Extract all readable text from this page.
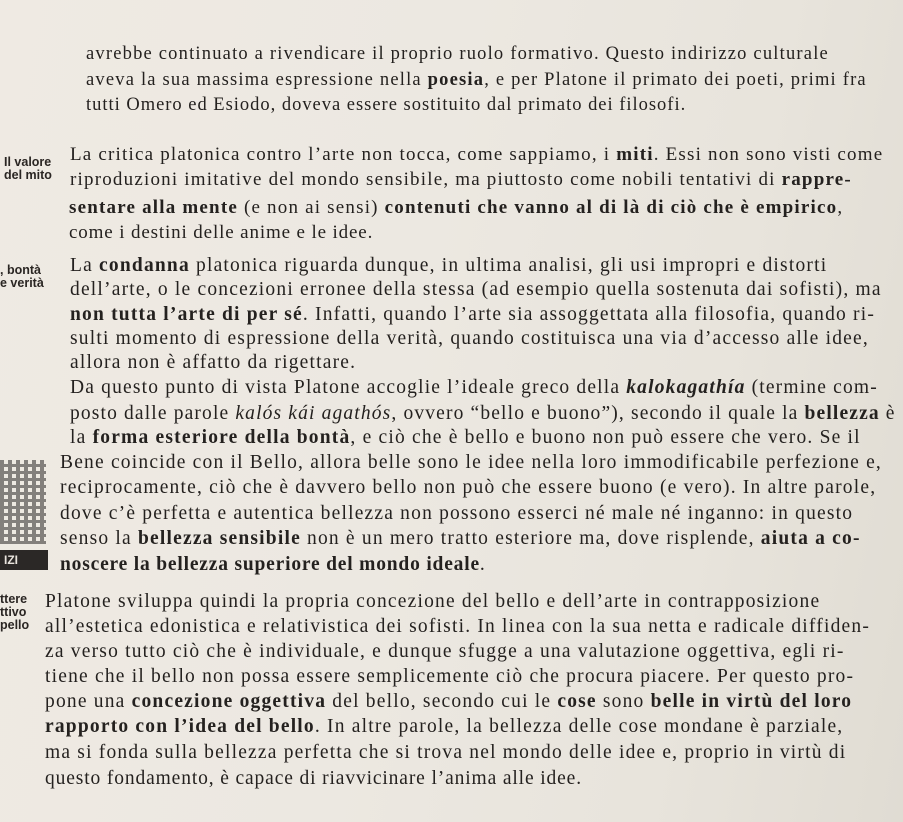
Il valore
del mito
, bontà
e verità
IZI
ttere
ttivo
pello
avrebbe continuato a rivendicare il proprio ruolo formativo. Questo indirizzo culturale
aveva la sua massima espressione nella poesia, e per Platone il primato dei poeti, primi fra
tutti Omero ed Esiodo, doveva essere sostituito dal primato dei filosofi.
La critica platonica contro l’arte non tocca, come sappiamo, i miti. Essi non sono visti come
riproduzioni imitative del mondo sensibile, ma piuttosto come nobili tentativi di rappre-
sentare alla mente (e non ai sensi) contenuti che vanno al di là di ciò che è empirico,
come i destini delle anime e le idee.
La condanna platonica riguarda dunque, in ultima analisi, gli usi impropri e distorti
dell’arte, o le concezioni erronee della stessa (ad esempio quella sostenuta dai sofisti), ma
non tutta l’arte di per sé. Infatti, quando l’arte sia assoggettata alla filosofia, quando ri-
sulti momento di espressione della verità, quando costituisca una via d’accesso alle idee,
allora non è affatto da rigettare.
Da questo punto di vista Platone accoglie l’ideale greco della kalokagathía (termine com-
posto dalle parole kalós kái agathós, ovvero “bello e buono”), secondo il quale la bellezza è
la forma esteriore della bontà, e ciò che è bello e buono non può essere che vero. Se il
Bene coincide con il Bello, allora belle sono le idee nella loro immodificabile perfezione e,
reciprocamente, ciò che è davvero bello non può che essere buono (e vero). In altre parole,
dove c’è perfetta e autentica bellezza non possono esserci né male né inganno: in questo
senso la bellezza sensibile non è un mero tratto esteriore ma, dove risplende, aiuta a co-
noscere la bellezza superiore del mondo ideale.
Platone sviluppa quindi la propria concezione del bello e dell’arte in contrapposizione
all’estetica edonistica e relativistica dei sofisti. In linea con la sua netta e radicale diffiden-
za verso tutto ciò che è individuale, e dunque sfugge a una valutazione oggettiva, egli ri-
tiene che il bello non possa essere semplicemente ciò che procura piacere. Per questo pro-
pone una concezione oggettiva del bello, secondo cui le cose sono belle in virtù del loro
rapporto con l’idea del bello. In altre parole, la bellezza delle cose mondane è parziale,
ma si fonda sulla bellezza perfetta che si trova nel mondo delle idee e, proprio in virtù di
questo fondamento, è capace di riavvicinare l’anima alle idee.
